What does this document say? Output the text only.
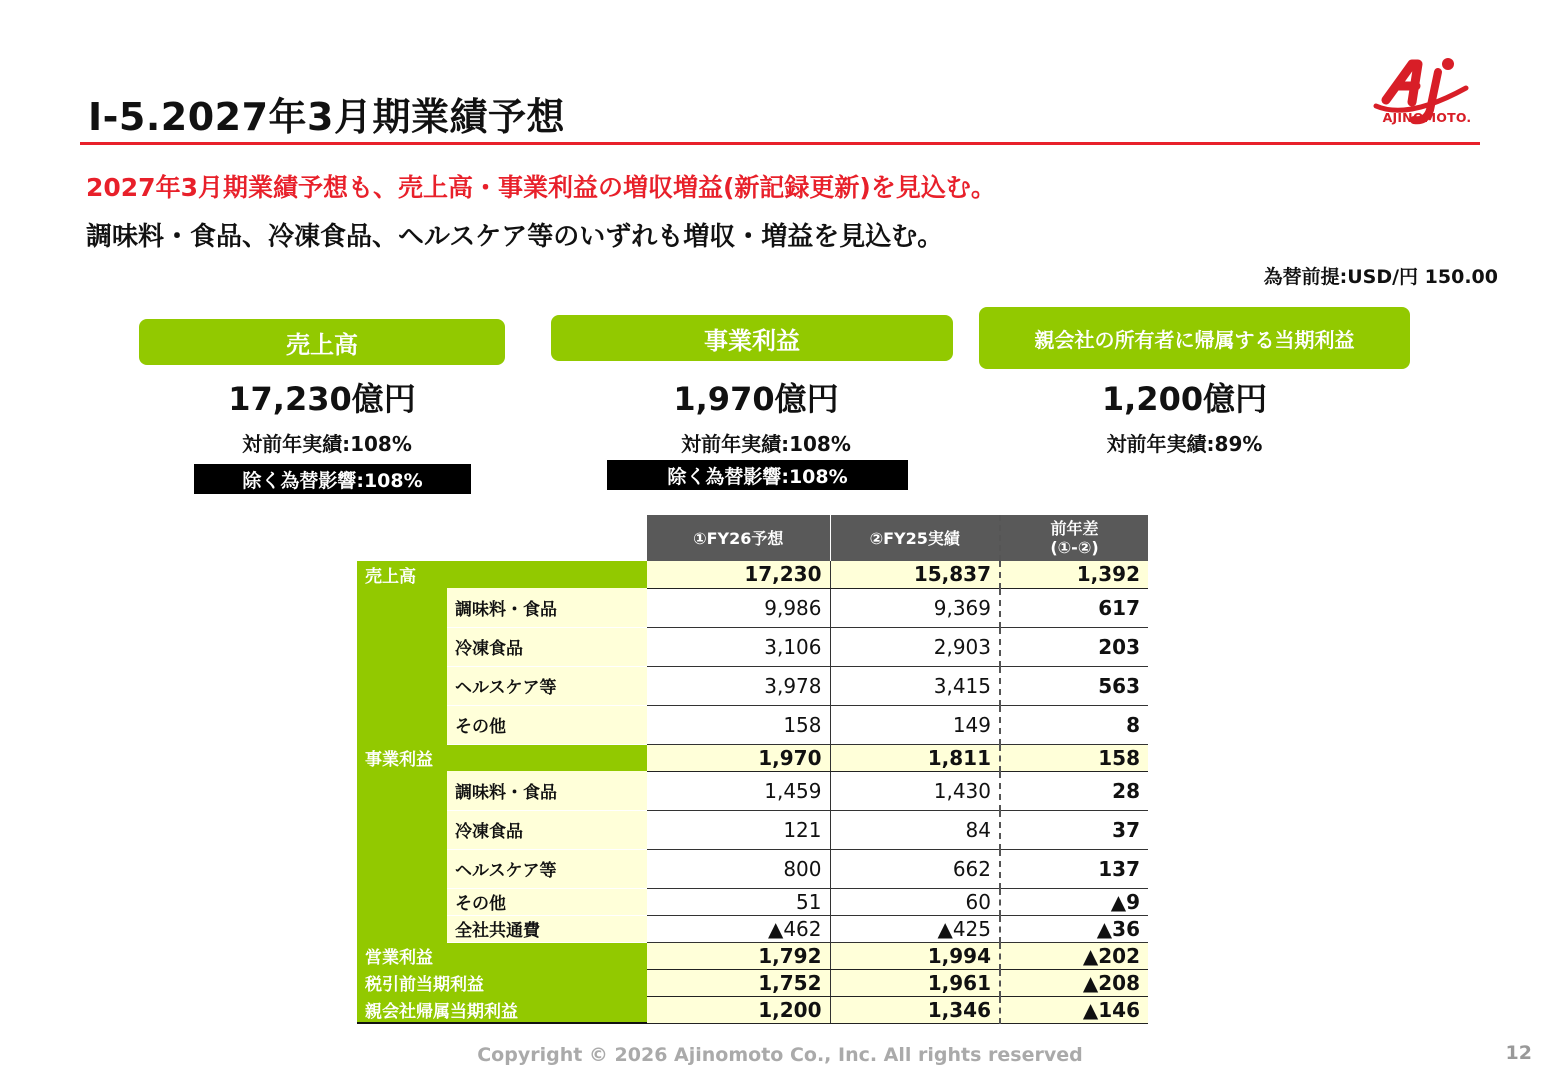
Ⅰ-5.2027年3月期業績予想	AJINOMOTO.
2027年3月期業績予想も、売上高・事業利益の増収増益(新記録更新)を見込む。
調味料・食品、冷凍食品、ヘルスケア等のいずれも増収・増益を見込む。
為替前提:USD/円 150.00
売上高
17,230億円
対前年実績:108%
除く為替影響:108%
事業利益
1,970億円
対前年実績:108%
除く為替影響:108%
親会社の所有者に帰属する当期利益
1,200億円
対前年実績:89%
		①FY26予想	②FY25実績	前年差
(①-②)
売上高		17,230	15,837	1,392
	調味料・食品	9,986	9,369	617
	冷凍食品	3,106	2,903	203
	ヘルスケア等	3,978	3,415	563
	その他	158	149	8
事業利益		1,970	1,811	158
	調味料・食品	1,459	1,430	28
	冷凍食品	121	84	37
	ヘルスケア等	800	662	137
	その他	51	60	▲9
	全社共通費	▲462	▲425	▲36
営業利益		1,792	1,994	▲202
税引前当期利益		1,752	1,961	▲208
親会社帰属当期利益		1,200	1,346	▲146
Copyright © 2026 Ajinomoto Co., Inc. All rights reserved	12
